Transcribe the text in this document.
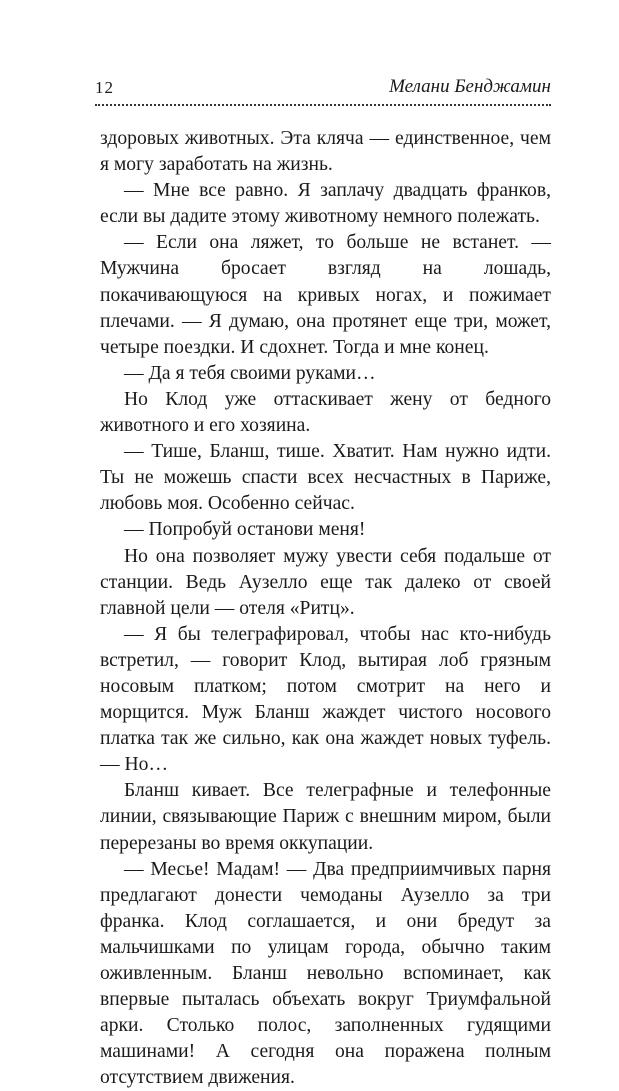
12	Мелани Бенджамин

здоровых животных. Эта кляча — единственное, чем я могу заработать на жизнь.

— Мне все равно. Я заплачу двадцать франков, если вы дадите этому животному немного полежать.

— Если она ляжет, то больше не встанет. — Мужчина бросает взгляд на лошадь, покачивающуюся на кривых ногах, и пожимает плечами. — Я думаю, она протянет еще три, может, четыре поездки. И сдохнет. Тогда и мне конец.

— Да я тебя своими руками…

Но Клод уже оттаскивает жену от бедного животного и его хозяина.

— Тише, Бланш, тише. Хватит. Нам нужно идти. Ты не можешь спасти всех несчастных в Париже, любовь моя. Особенно сейчас.

— Попробуй останови меня!

Но она позволяет мужу увести себя подальше от станции. Ведь Аузелло еще так далеко от своей главной цели — отеля «Ритц».

— Я бы телеграфировал, чтобы нас кто-нибудь встретил, — говорит Клод, вытирая лоб грязным носовым платком; потом смотрит на него и морщится. Муж Бланш жаждет чистого носового платка так же сильно, как она жаждет новых туфель. — Но…

Бланш кивает. Все телеграфные и телефонные линии, связывающие Париж с внешним миром, были перерезаны во время оккупации.

— Месье! Мадам! — Два предприимчивых парня предлагают донести чемоданы Аузелло за три франка. Клод соглашается, и они бредут за мальчишками по улицам города, обычно таким оживленным. Бланш невольно вспоминает, как впервые пыталась объехать вокруг Триумфальной арки. Столько полос, заполненных гудящими машинами! А сегодня она поражена полным отсутствием движения.
